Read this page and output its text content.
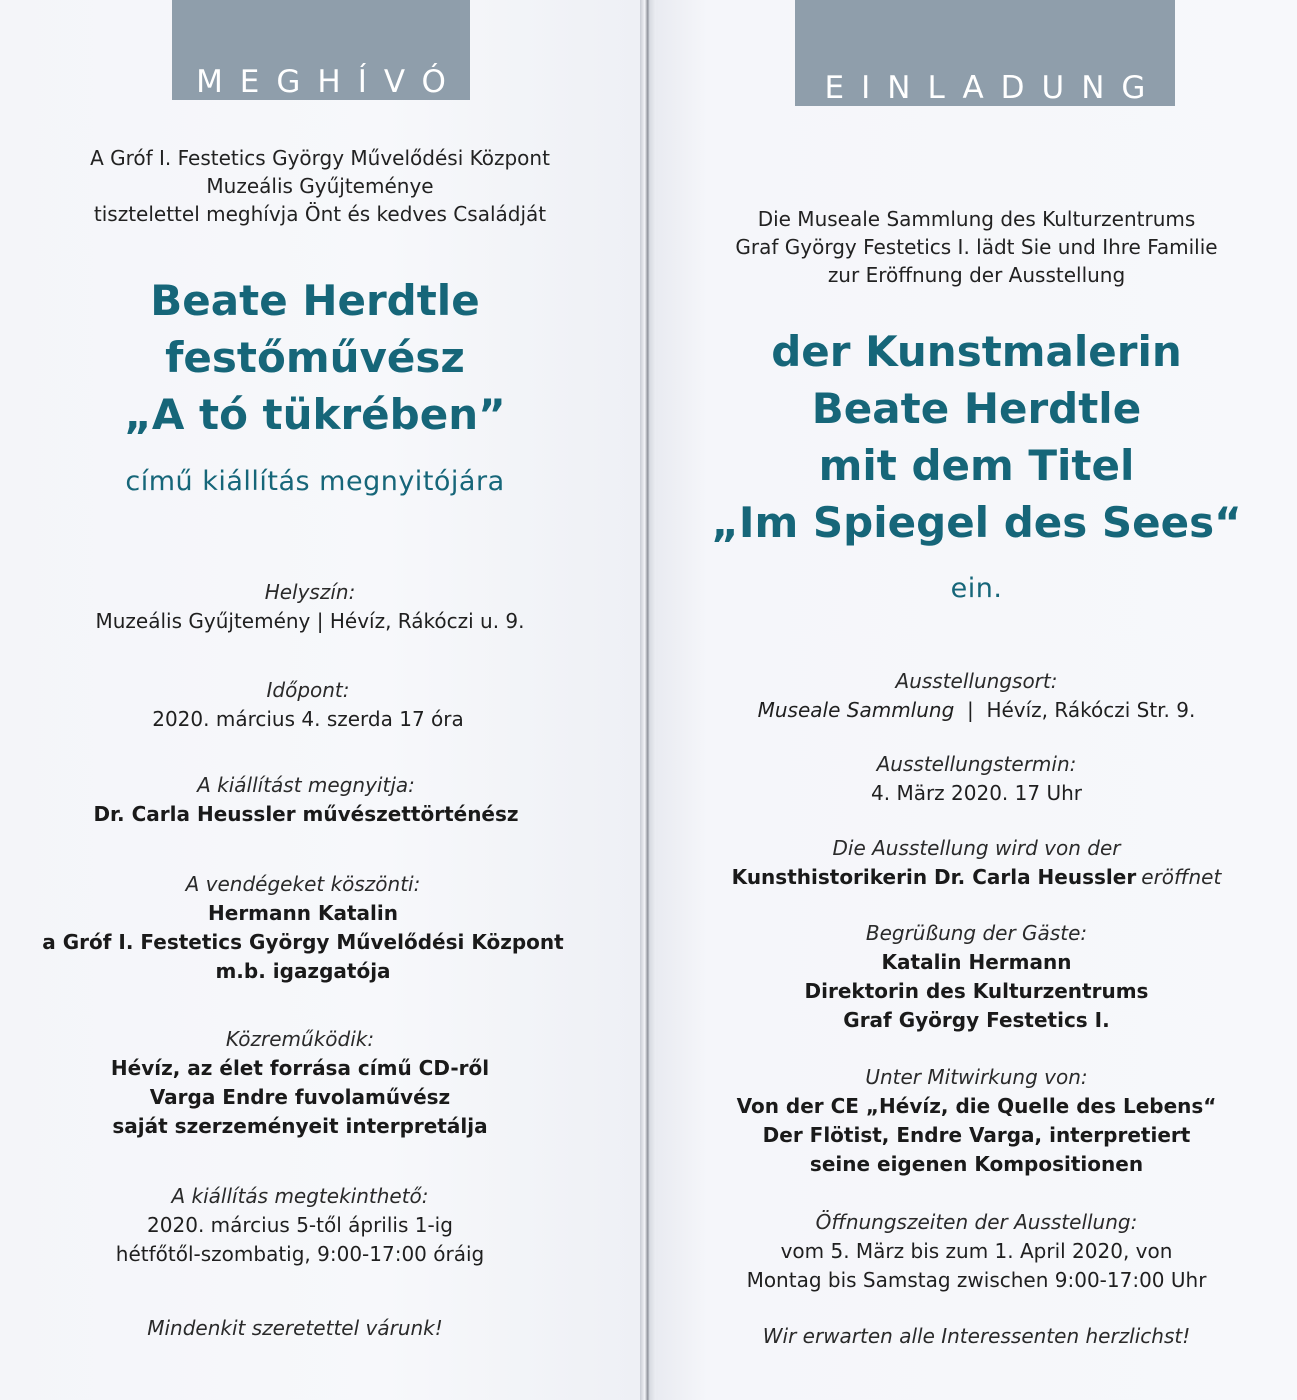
MEGHÍVÓ
A Gróf I. Festetics György Művelődési Központ
Muzeális Gyűjteménye
tisztelettel meghívja Önt és kedves Családját
Beate Herdtle
festőművész
„A tó tükrében”
című kiállítás megnyitójára
Helyszín:
Muzeális Gyűjtemény | Hévíz, Rákóczi u. 9.
Időpont:
2020. március 4. szerda 17 óra
A kiállítást megnyitja:
Dr. Carla Heussler művészettörténész
A vendégeket köszönti:
Hermann Katalin
a Gróf I. Festetics György Művelődési Központ
m.b. igazgatója
Közreműködik:
Hévíz, az élet forrása című CD-ről
Varga Endre fuvolaművész
saját szerzeményeit interpretálja
A kiállítás megtekinthető:
2020. március 5-től április 1-ig
hétfőtől-szombatig, 9:00-17:00 óráig
Mindenkit szeretettel várunk!
EINLADUNG
Die Museale Sammlung des Kulturzentrums
Graf György Festetics I. lädt Sie und Ihre Familie
zur Eröffnung der Ausstellung
der Kunstmalerin
Beate Herdtle
mit dem Titel
„Im Spiegel des Sees“
ein.
Ausstellungsort:
Museale Sammlung  |  Hévíz, Rákóczi Str. 9.
Ausstellungstermin:
4. März 2020. 17 Uhr
Die Ausstellung wird von der
Kunsthistorikerin Dr. Carla Heussler eröffnet
Begrüßung der Gäste:
Katalin Hermann
Direktorin des Kulturzentrums
Graf György Festetics I.
Unter Mitwirkung von:
Von der CE „Hévíz, die Quelle des Lebens“
Der Flötist, Endre Varga, interpretiert
seine eigenen Kompositionen
Öffnungszeiten der Ausstellung:
vom 5. März bis zum 1. April 2020, von
Montag bis Samstag zwischen 9:00-17:00 Uhr
Wir erwarten alle Interessenten herzlichst!
